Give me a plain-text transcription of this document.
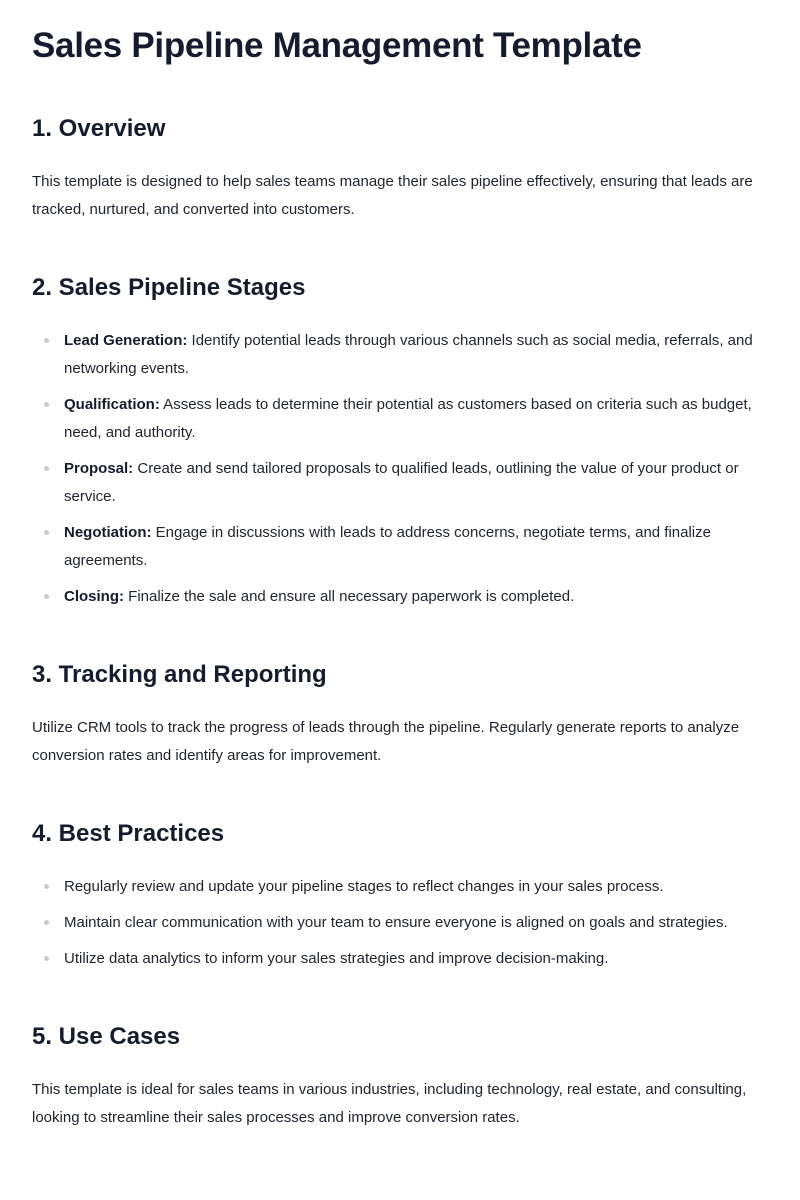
Sales Pipeline Management Template
1. Overview

This template is designed to help sales teams manage their sales pipeline effectively, ensuring that leads are tracked, nurtured, and converted into customers.

2. Sales Pipeline Stages
Lead Generation: Identify potential leads through various channels such as social media, referrals, and networking events.
Qualification: Assess leads to determine their potential as customers based on criteria such as budget, need, and authority.
Proposal: Create and send tailored proposals to qualified leads, outlining the value of your product or service.
Negotiation: Engage in discussions with leads to address concerns, negotiate terms, and finalize agreements.
Closing: Finalize the sale and ensure all necessary paperwork is completed.
3. Tracking and Reporting

Utilize CRM tools to track the progress of leads through the pipeline. Regularly generate reports to analyze conversion rates and identify areas for improvement.

4. Best Practices
Regularly review and update your pipeline stages to reflect changes in your sales process.
Maintain clear communication with your team to ensure everyone is aligned on goals and strategies.
Utilize data analytics to inform your sales strategies and improve decision-making.
5. Use Cases

This template is ideal for sales teams in various industries, including technology, real estate, and consulting, looking to streamline their sales processes and improve conversion rates.
